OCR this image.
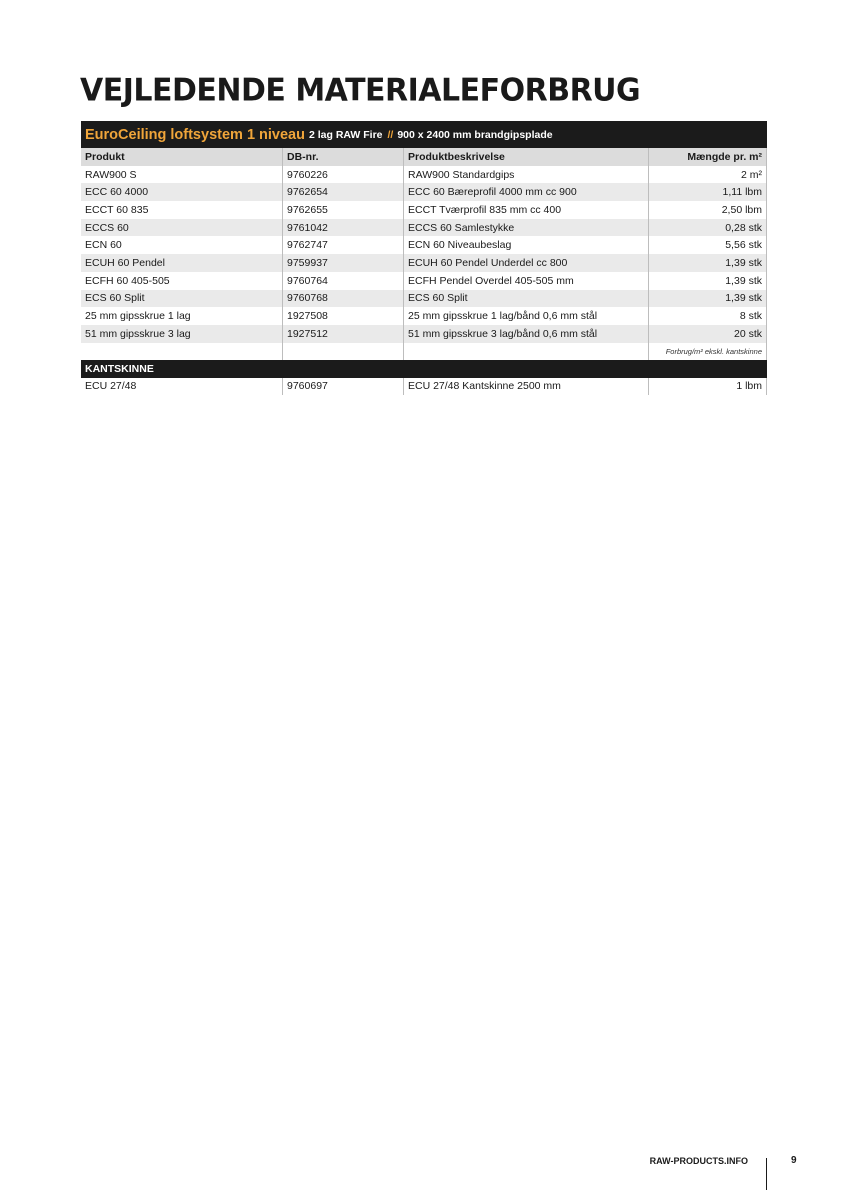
VEJLEDENDE MATERIALEFORBRUG
EuroCeiling loftsystem 1 niveau 2 lag RAW Fire // 900 x 2400 mm brandgipsplade
Produkt	DB-nr.	Produktbeskrivelse	Mængde pr. m²
RAW900 S	9760226	RAW900 Standardgips	2 m²
ECC 60 4000	9762654	ECC 60 Bæreprofil 4000 mm cc 900	1,11 lbm
ECCT 60 835	9762655	ECCT Tværprofil 835 mm cc 400	2,50 lbm
ECCS 60	9761042	ECCS 60 Samlestykke	0,28 stk
ECN 60	9762747	ECN 60 Niveaubeslag	5,56 stk
ECUH 60 Pendel	9759937	ECUH 60 Pendel Underdel cc 800	1,39 stk
ECFH 60 405-505	9760764	ECFH Pendel Overdel 405-505 mm	1,39 stk
ECS 60 Split	9760768	ECS 60 Split	1,39 stk
25 mm gipsskrue 1 lag	1927508	25 mm gipsskrue 1 lag/bånd 0,6 mm stål	8 stk
51 mm gipsskrue 3 lag	1927512	51 mm gipsskrue 3 lag/bånd 0,6 mm stål	20 stk
Forbrug/m² ekskl. kantskinne
KANTSKINNE
ECU 27/48	9760697	ECU 27/48 Kantskinne 2500 mm	1 lbm
RAW-PRODUCTS.INFO	9
